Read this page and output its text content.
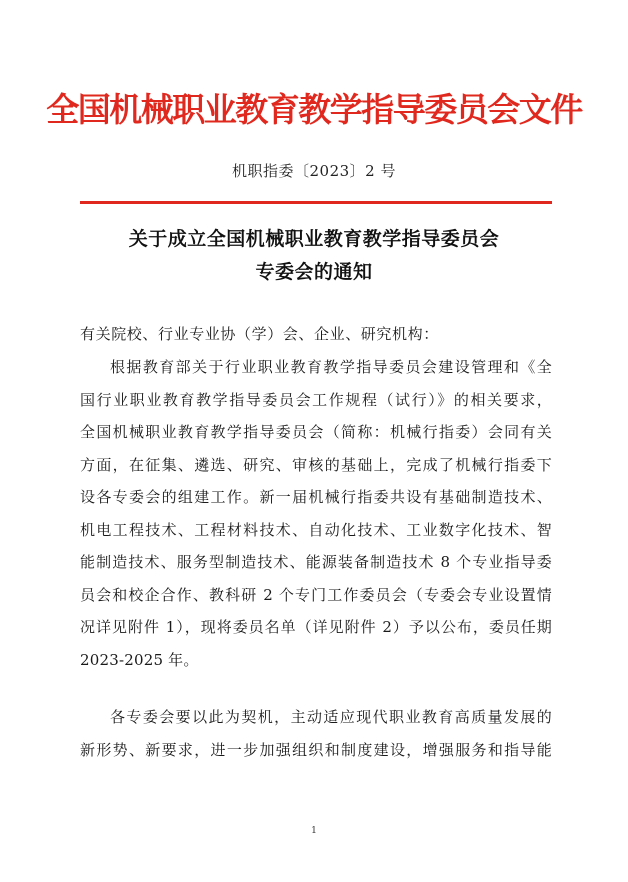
全国机械职业教育教学指导委员会文件
机职指委〔2023〕2 号
关于成立全国机械职业教育教学指导委员会
专委会的通知
有关院校、行业专业协（学）会、企业、研究机构：
根据教育部关于行业职业教育教学指导委员会建设管理和《全
国行业职业教育教学指导委员会工作规程（试行）》的相关要求，
全国机械职业教育教学指导委员会（简称：机械行指委）会同有关
方面，在征集、遴选、研究、审核的基础上，完成了机械行指委下
设各专委会的组建工作。新一届机械行指委共设有基础制造技术、
机电工程技术、工程材料技术、自动化技术、工业数字化技术、智
能制造技术、服务型制造技术、能源装备制造技术 8 个专业指导委
员会和校企合作、教科研 2 个专门工作委员会（专委会专业设置情
况详见附件 1），现将委员名单（详见附件 2）予以公布，委员任期
2023-2025 年。
各专委会要以此为契机，主动适应现代职业教育高质量发展的
新形势、新要求，进一步加强组织和制度建设，增强服务和指导能
1
